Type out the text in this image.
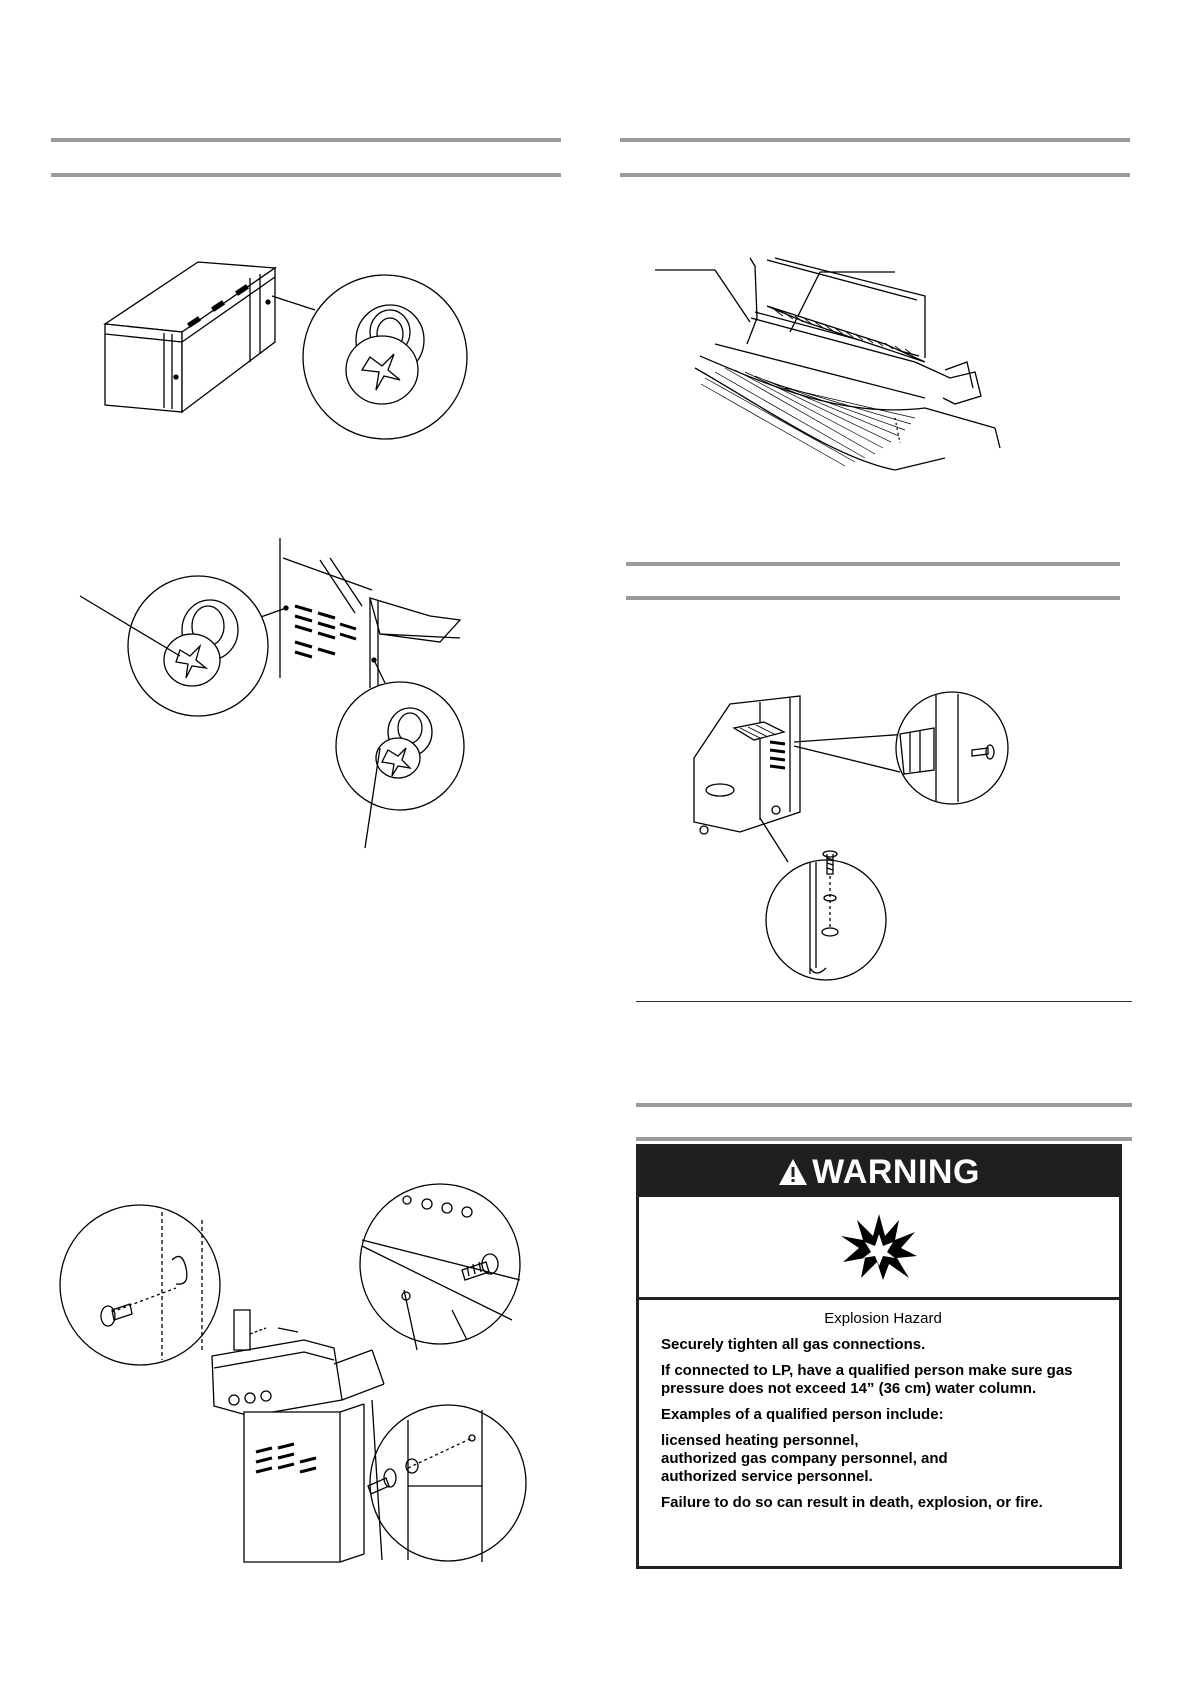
WARNING
Explosion Hazard

Securely tighten all gas connections.

If connected to LP, have a qualified person make sure gas pressure does not exceed 14” (36 cm) water column.

Examples of a qualified person include:

licensed heating personnel,
authorized gas company personnel, and
authorized service personnel.

Failure to do so can result in death, explosion, or fire.
